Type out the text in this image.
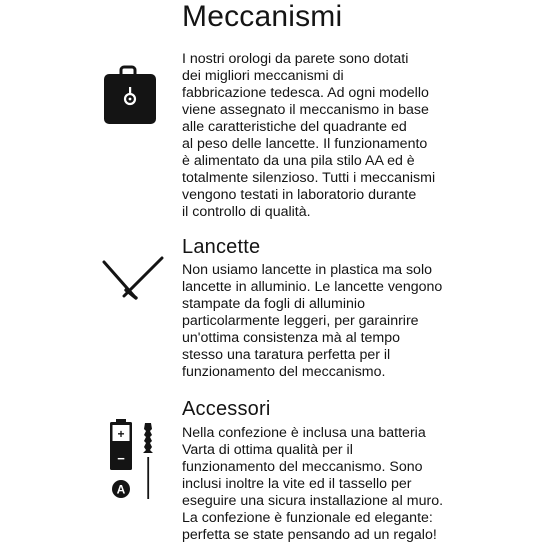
Meccanismi

I nostri orologi da parete sono dotati
dei migliori meccanismi di
fabbricazione tedesca. Ad ogni modello
viene assegnato il meccanismo in base
alle caratteristiche del quadrante ed
al peso delle lancette. Il funzionamento
è alimentato da una pila stilo AA ed è
totalmente silenzioso. Tutti i meccanismi
vengono testati in laboratorio durante
il controllo di qualità.

Lancette

Non usiamo lancette in plastica ma solo
lancette in alluminio. Le lancette vengono
stampate da fogli di alluminio
particolarmente leggeri, per garainrire
un'ottima consistenza mà al tempo
stesso una taratura perfetta per il
funzionamento del meccanismo.

Accessori
+
−
A

Nella confezione è inclusa una batteria
Varta di ottima qualità per il
funzionamento del meccanismo. Sono
inclusi inoltre la vite ed il tassello per
eseguire una sicura installazione al muro.
La confezione è funzionale ed elegante:
perfetta se state pensando ad un regalo!
